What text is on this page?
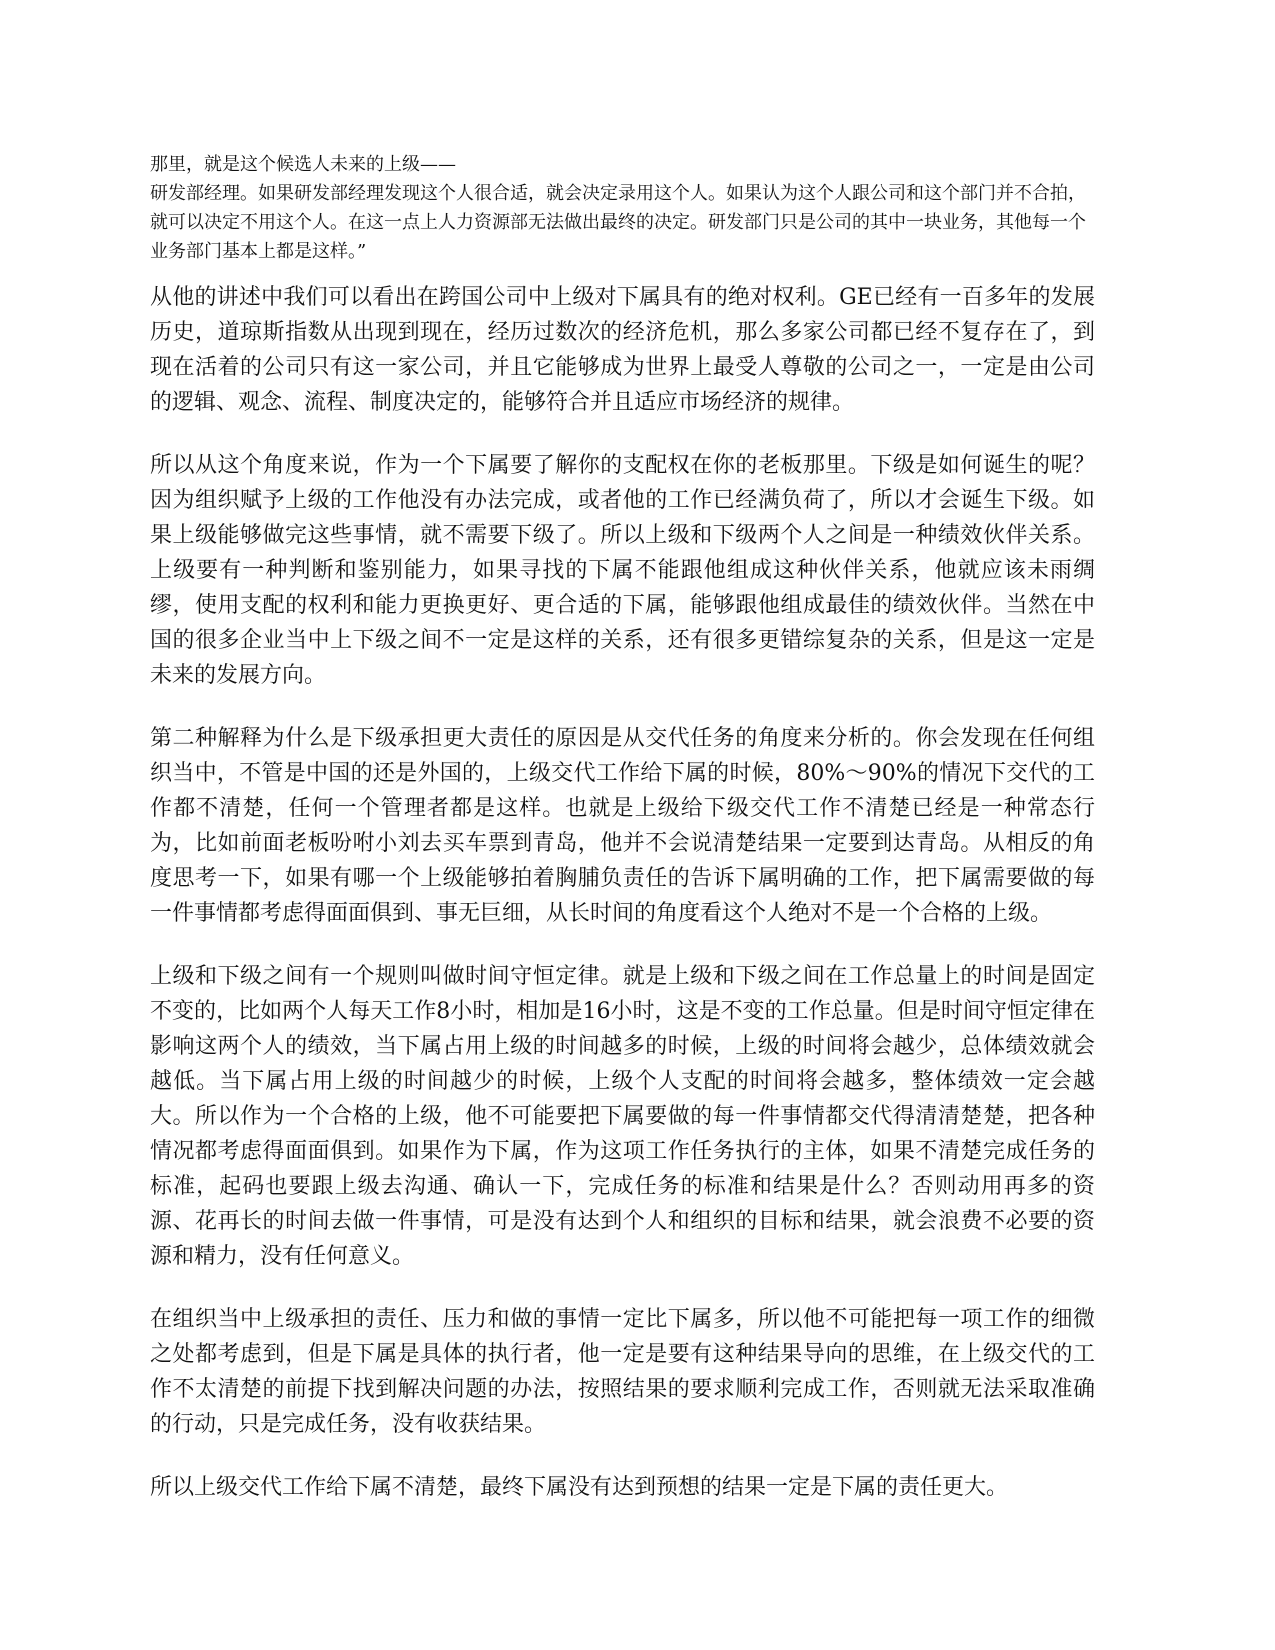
那里，就是这个候选人未来的上级——

研发部经理。如果研发部经理发现这个人很合适，就会决定录用这个人。如果认为这个人跟公司和这个部门并不合拍，就可以决定不用这个人。在这一点上人力资源部无法做出最终的决定。研发部门只是公司的其中一块业务，其他每一个业务部门基本上都是这样。”

从他的讲述中我们可以看出在跨国公司中上级对下属具有的绝对权利。GE已经有一百多年的发展历史，道琼斯指数从出现到现在，经历过数次的经济危机，那么多家公司都已经不复存在了，到现在活着的公司只有这一家公司，并且它能够成为世界上最受人尊敬的公司之一，一定是由公司的逻辑、观念、流程、制度决定的，能够符合并且适应市场经济的规律。

所以从这个角度来说，作为一个下属要了解你的支配权在你的老板那里。下级是如何诞生的呢？因为组织赋予上级的工作他没有办法完成，或者他的工作已经满负荷了，所以才会诞生下级。如果上级能够做完这些事情，就不需要下级了。所以上级和下级两个人之间是一种绩效伙伴关系。上级要有一种判断和鉴别能力，如果寻找的下属不能跟他组成这种伙伴关系，他就应该未雨绸缪，使用支配的权利和能力更换更好、更合适的下属，能够跟他组成最佳的绩效伙伴。当然在中国的很多企业当中上下级之间不一定是这样的关系，还有很多更错综复杂的关系，但是这一定是未来的发展方向。

第二种解释为什么是下级承担更大责任的原因是从交代任务的角度来分析的。你会发现在任何组织当中，不管是中国的还是外国的，上级交代工作给下属的时候，80%～90%的情况下交代的工作都不清楚，任何一个管理者都是这样。也就是上级给下级交代工作不清楚已经是一种常态行为，比如前面老板吩咐小刘去买车票到青岛，他并不会说清楚结果一定要到达青岛。从相反的角度思考一下，如果有哪一个上级能够拍着胸脯负责任的告诉下属明确的工作，把下属需要做的每一件事情都考虑得面面俱到、事无巨细，从长时间的角度看这个人绝对不是一个合格的上级。

上级和下级之间有一个规则叫做时间守恒定律。就是上级和下级之间在工作总量上的时间是固定不变的，比如两个人每天工作8小时，相加是16小时，这是不变的工作总量。但是时间守恒定律在影响这两个人的绩效，当下属占用上级的时间越多的时候，上级的时间将会越少，总体绩效就会越低。当下属占用上级的时间越少的时候，上级个人支配的时间将会越多，整体绩效一定会越大。所以作为一个合格的上级，他不可能要把下属要做的每一件事情都交代得清清楚楚，把各种情况都考虑得面面俱到。如果作为下属，作为这项工作任务执行的主体，如果不清楚完成任务的标准，起码也要跟上级去沟通、确认一下，完成任务的标准和结果是什么？否则动用再多的资源、花再长的时间去做一件事情，可是没有达到个人和组织的目标和结果，就会浪费不必要的资源和精力，没有任何意义。

在组织当中上级承担的责任、压力和做的事情一定比下属多，所以他不可能把每一项工作的细微之处都考虑到，但是下属是具体的执行者，他一定是要有这种结果导向的思维，在上级交代的工作不太清楚的前提下找到解决问题的办法，按照结果的要求顺利完成工作，否则就无法采取准确的行动，只是完成任务，没有收获结果。

所以上级交代工作给下属不清楚，最终下属没有达到预想的结果一定是下属的责任更大。
